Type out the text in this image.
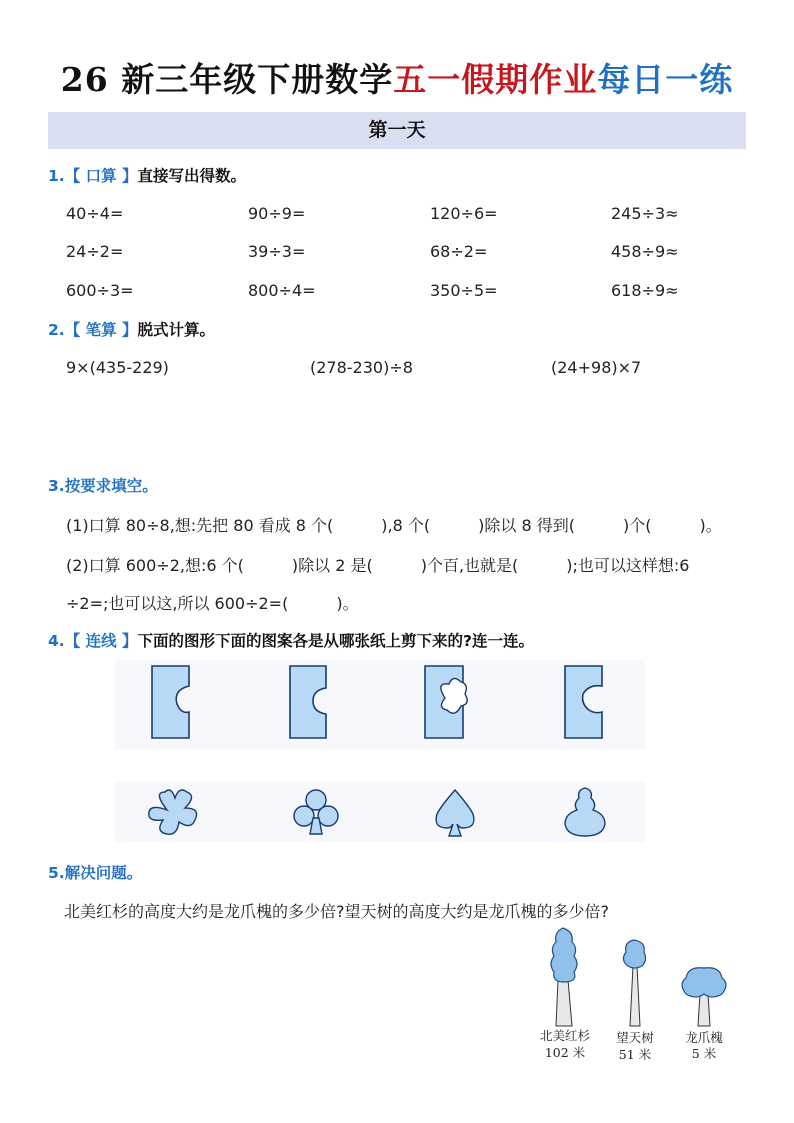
26 新三年级下册数学五一假期作业每日一练
第一天
1.【 口算 】直接写出得数。
40÷4=	90÷9=	120÷6=	245÷3≈
24÷2=	39÷3=	68÷2=	458÷9≈
600÷3=	800÷4=	350÷5=	618÷9≈
2.【 笔算 】脱式计算。
9×(435-229)	(278-230)÷8	(24+98)×7
3.按要求填空。
(1)口算 80÷8,想:先把 80 看成 8 个(　　　),8 个(　　　)除以 8 得到(　　　)个(　　　)。
(2)口算 600÷2,想:6 个(　　　)除以 2 是(　　　)个百,也就是(　　　);也可以这样想:6
÷2=;也可以这,所以 600÷2=(　　　)。
4.【 连线 】下面的图形下面的图案各是从哪张纸上剪下来的?连一连。
5.解决问题。
北美红杉的高度大约是龙爪槐的多少倍?望天树的高度大约是龙爪槐的多少倍?
北美红杉
102 米
望天树
51 米
龙爪槐
5 米
